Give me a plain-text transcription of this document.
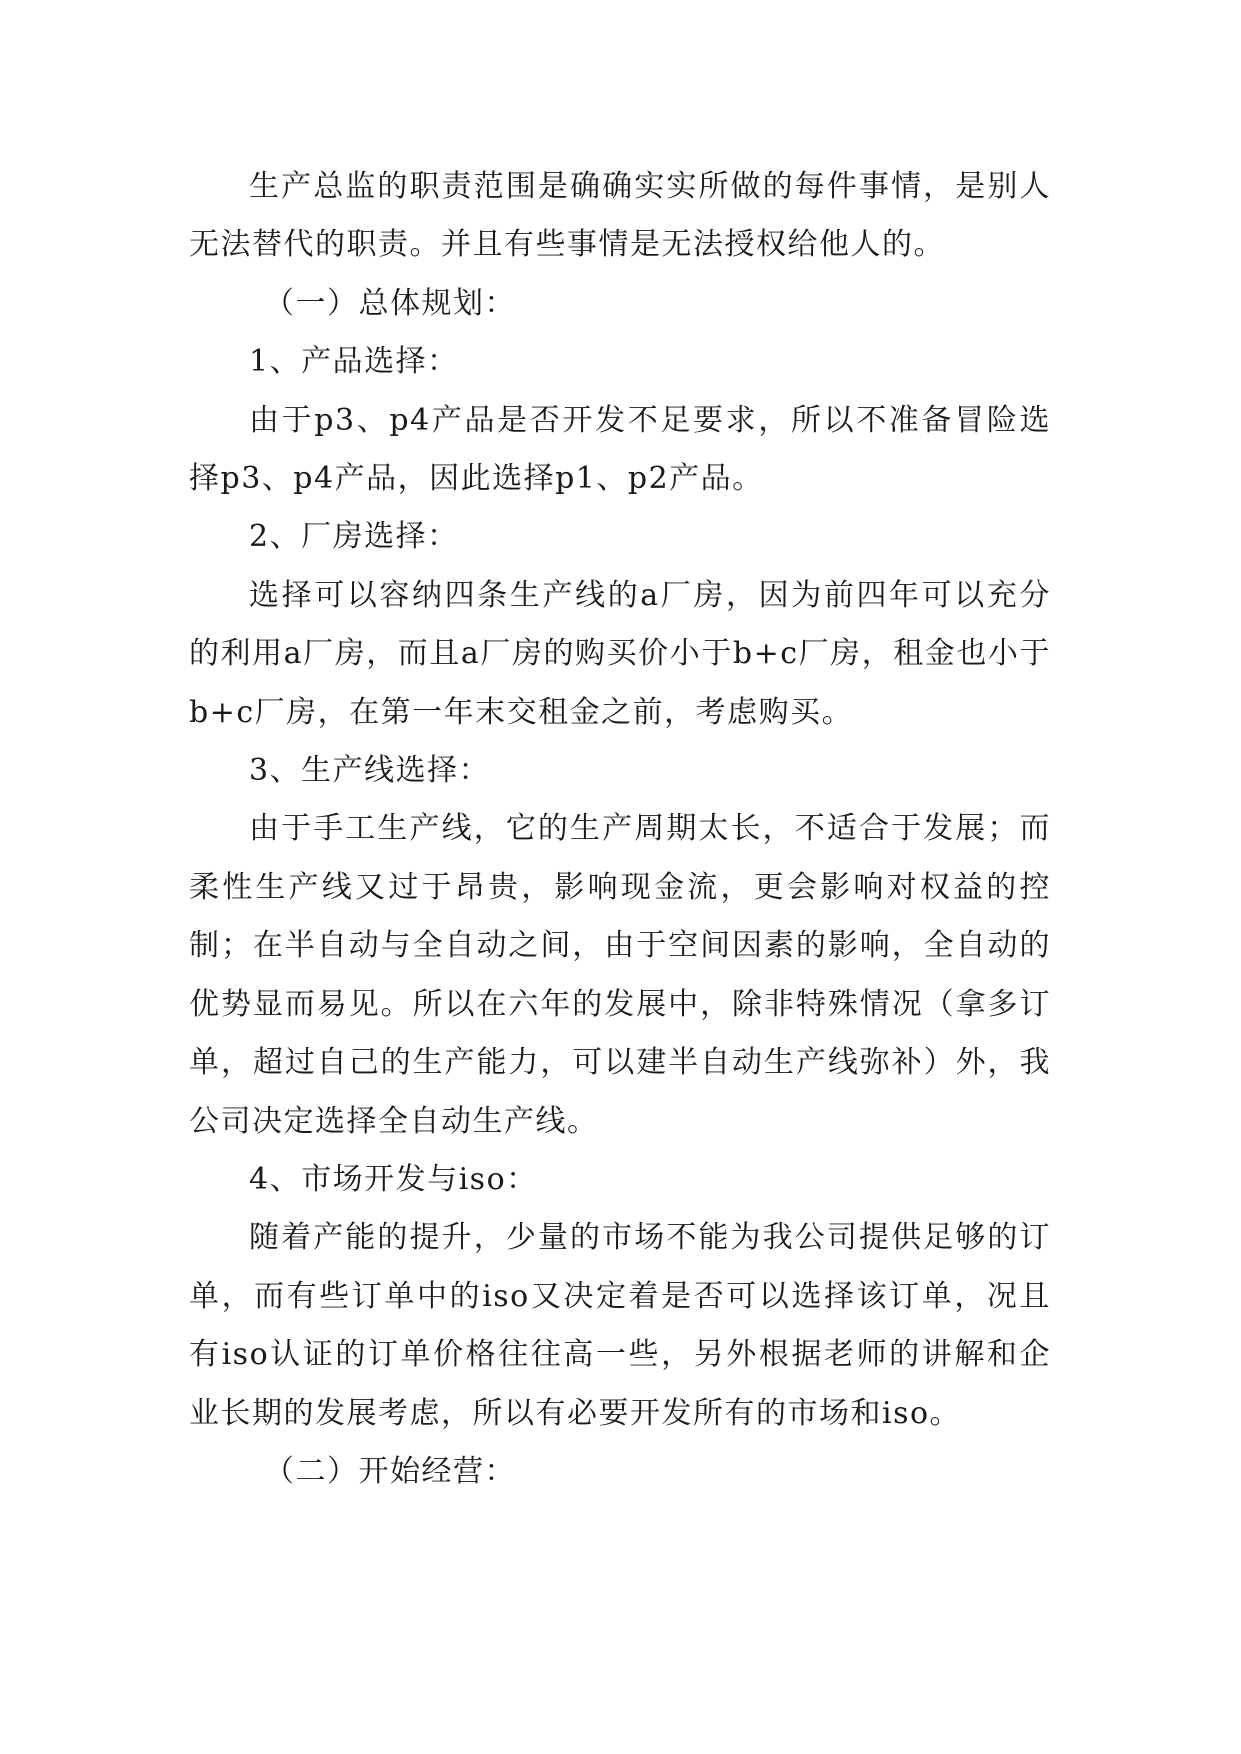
生产总监的职责范围是确确实实所做的每件事情，是别人无法替代的职责。并且有些事情是无法授权给他人的。

（一）总体规划：

1、产品选择：

由于p3、p4产品是否开发不足要求，所以不准备冒险选择p3、p4产品，因此选择p1、p2产品。

2、厂房选择：

选择可以容纳四条生产线的a厂房，因为前四年可以充分的利用a厂房，而且a厂房的购买价小于b+c厂房，租金也小于b+c厂房，在第一年末交租金之前，考虑购买。

3、生产线选择：

由于手工生产线，它的生产周期太长，不适合于发展；而柔性生产线又过于昂贵，影响现金流，更会影响对权益的控制；在半自动与全自动之间，由于空间因素的影响，全自动的优势显而易见。所以在六年的发展中，除非特殊情况（拿多订单，超过自己的生产能力，可以建半自动生产线弥补）外，我公司决定选择全自动生产线。

4、市场开发与iso：

随着产能的提升，少量的市场不能为我公司提供足够的订单，而有些订单中的iso又决定着是否可以选择该订单，况且有iso认证的订单价格往往高一些，另外根据老师的讲解和企业长期的发展考虑，所以有必要开发所有的市场和iso。

（二）开始经营：
